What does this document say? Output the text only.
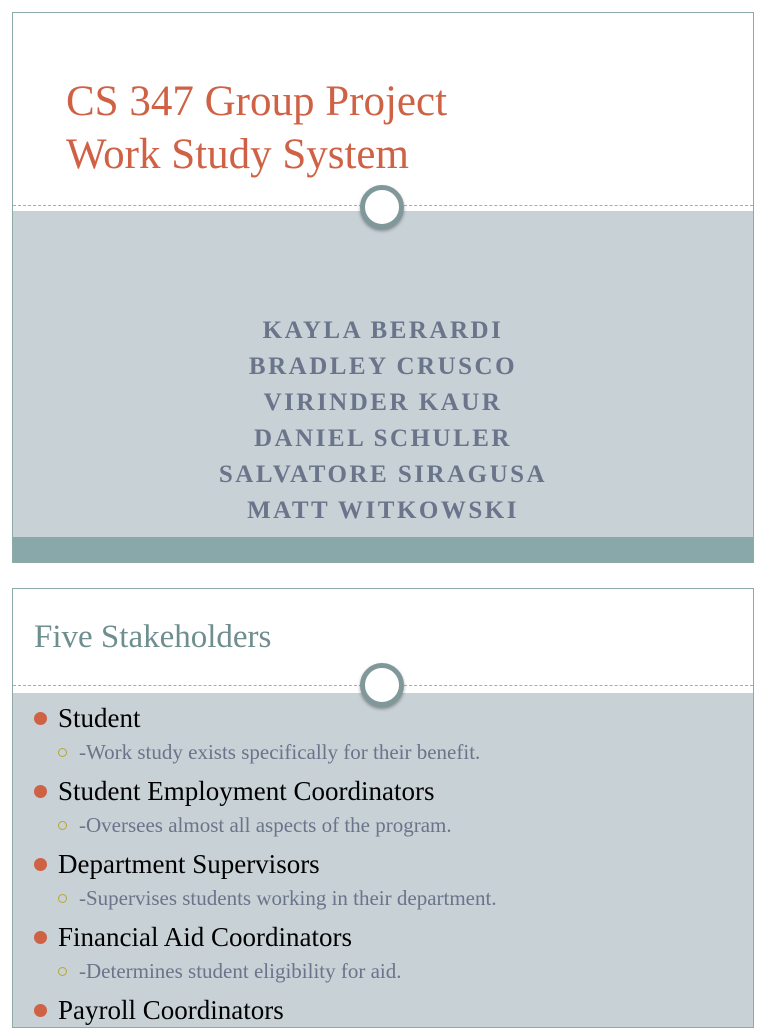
CS 347 Group Project
Work Study System
KAYLA BERARDI
BRADLEY CRUSCO
VIRINDER KAUR
DANIEL SCHULER
SALVATORE SIRAGUSA
MATT WITKOWSKI
Five Stakeholders
Student
-Work study exists specifically for their benefit.
Student Employment Coordinators
-Oversees almost all aspects of the program.
Department Supervisors
-Supervises students working in their department.
Financial Aid Coordinators
-Determines student eligibility for aid.
Payroll Coordinators
